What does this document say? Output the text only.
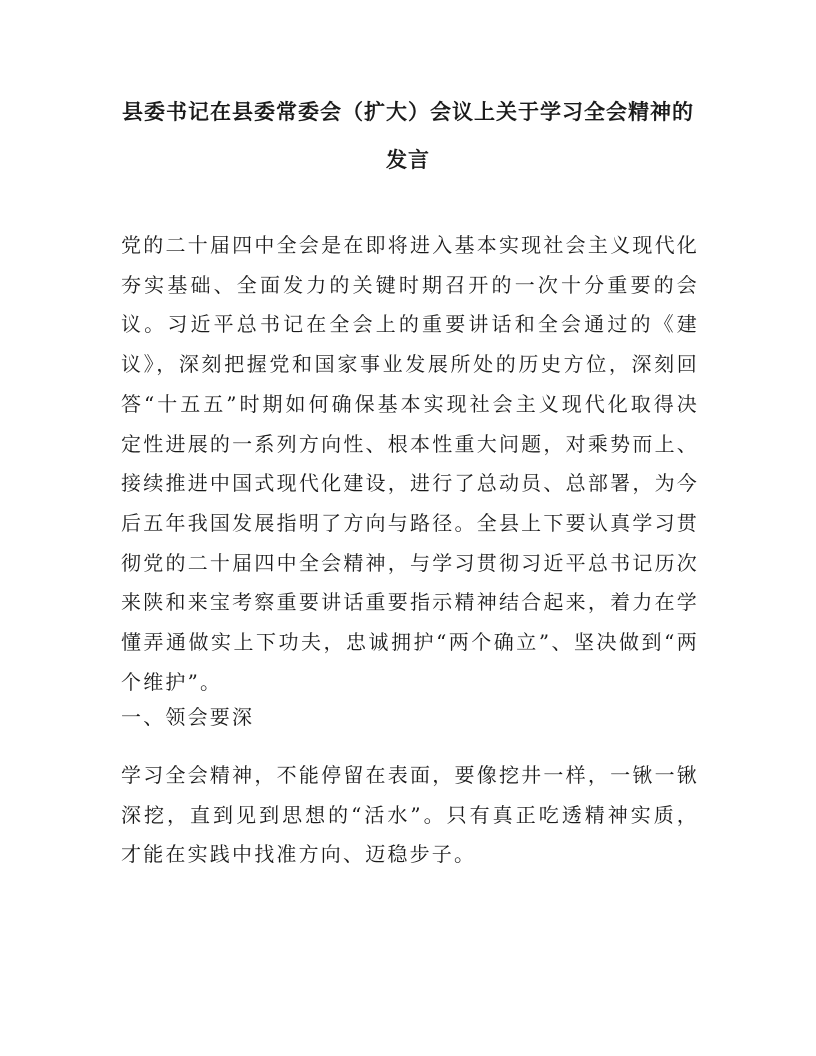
县委书记在县委常委会（扩大）会议上关于学习全会精神的
发言
党的二十届四中全会是在即将进入基本实现社会主义现代化夯实基础、全面发力的关键时期召开的一次十分重要的会议。习近平总书记在全会上的重要讲话和全会通过的《建议》，深刻把握党和国家事业发展所处的历史方位，深刻回答“十五五”时期如何确保基本实现社会主义现代化取得决定性进展的一系列方向性、根本性重大问题，对乘势而上、接续推进中国式现代化建设，进行了总动员、总部署，为今后五年我国发展指明了方向与路径。全县上下要认真学习贯彻党的二十届四中全会精神，与学习贯彻习近平总书记历次来陕和来宝考察重要讲话重要指示精神结合起来，着力在学懂弄通做实上下功夫，忠诚拥护“两个确立”、坚决做到“两个维护”。
一、领会要深
学习全会精神，不能停留在表面，要像挖井一样，一锹一锹深挖，直到见到思想的“活水”。只有真正吃透精神实质，才能在实践中找准方向、迈稳步子。
